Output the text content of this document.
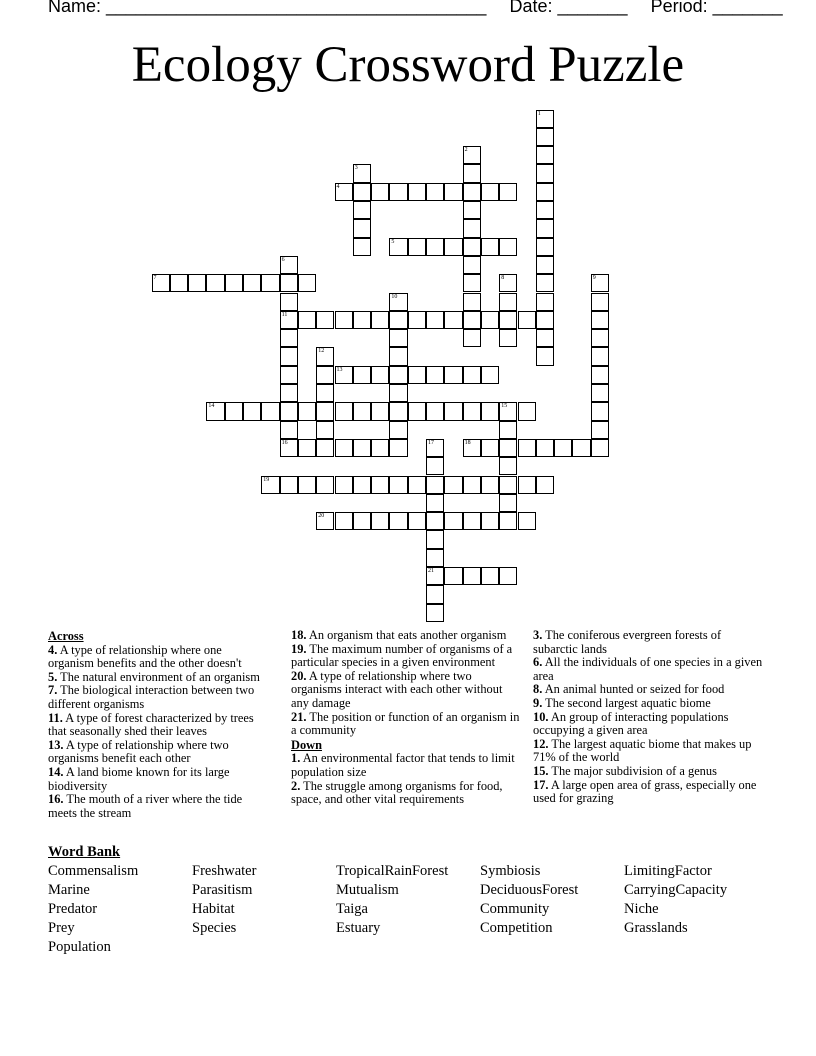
Name: ______________________________________ Date: _______ Period: _______
Ecology Crossword Puzzle
1
2
3
4
5
6
11
7	8	9
10
12
13
14	15
16	17
21
18
19
20
Across
4. A type of relationship where one organism benefits and the other doesn't
5. The natural environment of an organism
7. The biological interaction between two different organisms
11. A type of forest characterized by trees that seasonally shed their leaves
13. A type of relationship where two organisms benefit each other
14. A land biome known for its large biodiversity
16. The mouth of a river where the tide meets the stream
18. An organism that eats another organism
19. The maximum number of organisms of a particular species in a given environment
20. A type of relationship where two organisms interact with each other without any damage
21. The position or function of an organism in a community
Down
1. An environmental factor that tends to limit population size
2. The struggle among organisms for food, space, and other vital requirements
3. The coniferous evergreen forests of subarctic lands
6. All the individuals of one species in a given area
8. An animal hunted or seized for food
9. The second largest aquatic biome
10. An group of interacting populations occupying a given area
12. The largest aquatic biome that makes up 71% of the world
15. The major subdivision of a genus
17. A large open area of grass, especially one used for grazing
Word Bank
Commensalism	Freshwater	TropicalRainForest Symbiosis	LimitingFactor
Marine	Parasitism	Mutualism	DeciduousForest	CarryingCapacity
Predator	Habitat	Taiga	Community	Niche
Prey	Species	Estuary	Competition	Grasslands
Population
